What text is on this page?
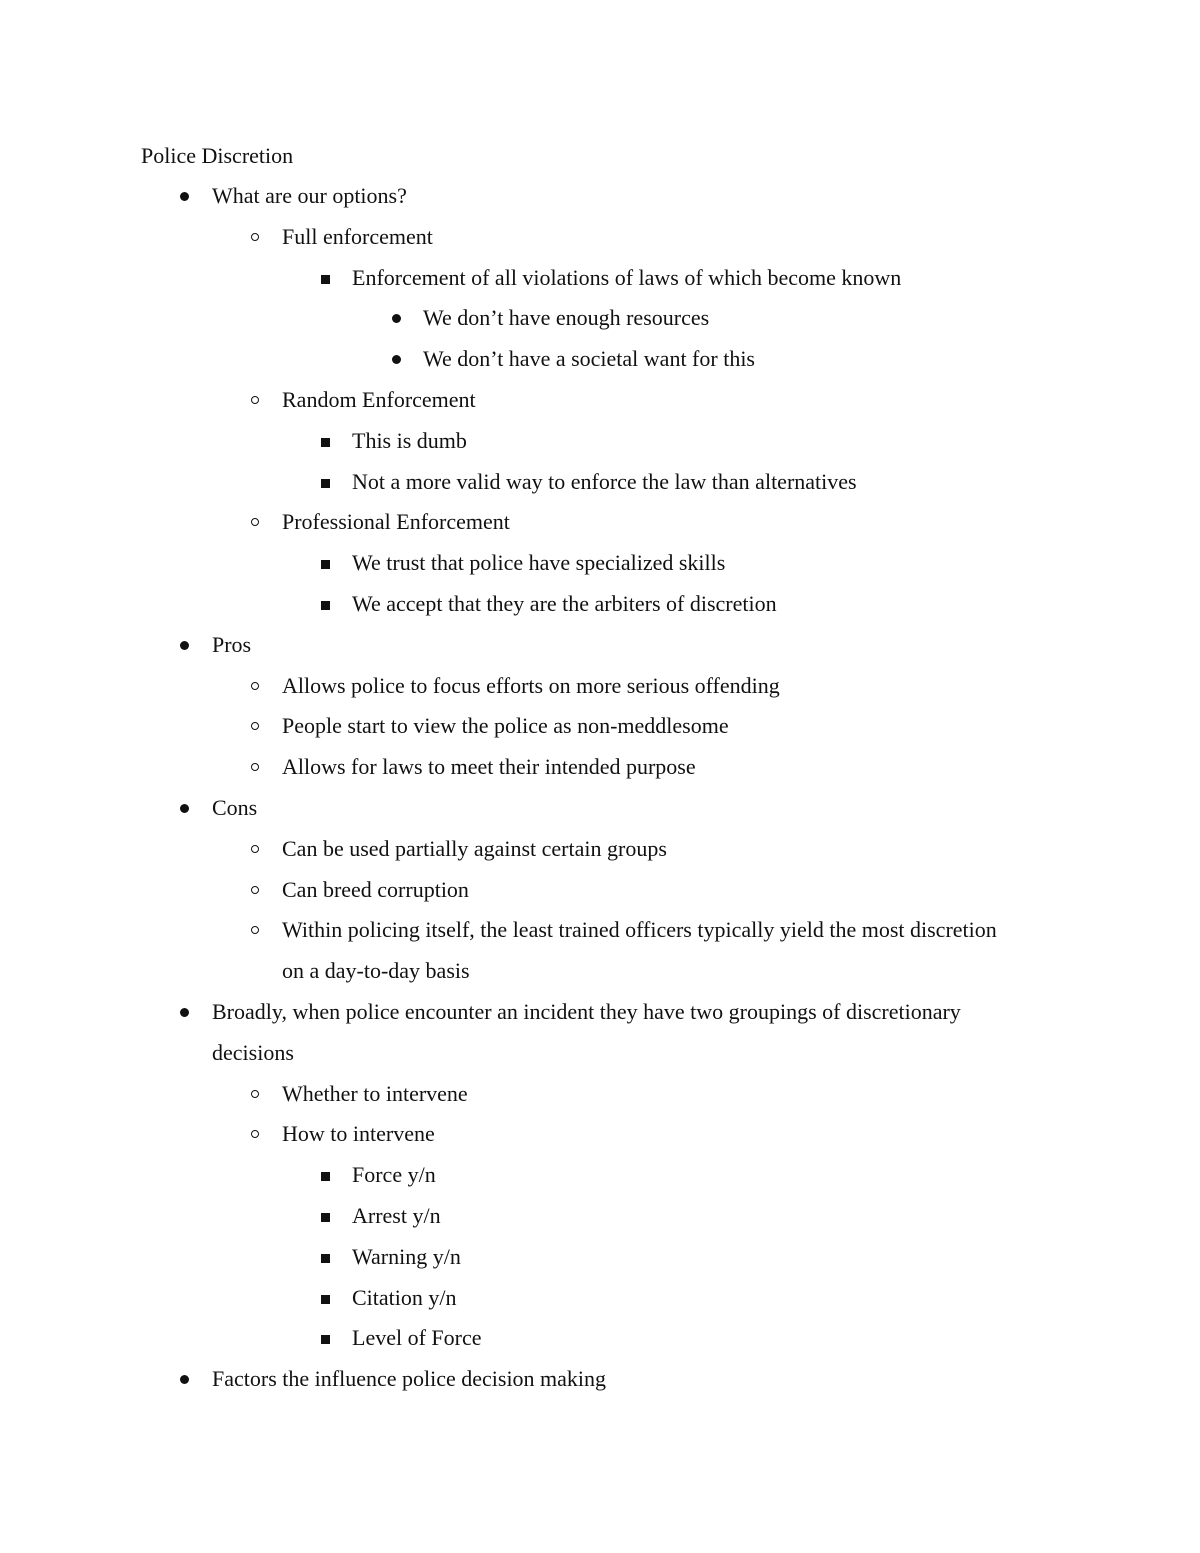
Police Discretion
What are our options?
Full enforcement
Enforcement of all violations of laws of which become known
We don’t have enough resources
We don’t have a societal want for this
Random Enforcement
This is dumb
Not a more valid way to enforce the law than alternatives
Professional Enforcement
We trust that police have specialized skills
We accept that they are the arbiters of discretion
Pros
Allows police to focus efforts on more serious offending
People start to view the police as non-meddlesome
Allows for laws to meet their intended purpose
Cons
Can be used partially against certain groups
Can breed corruption
Within policing itself, the least trained officers typically yield the most discretion
on a day-to-day basis
Broadly, when police encounter an incident they have two groupings of discretionary
decisions
Whether to intervene
How to intervene
Force y/n
Arrest y/n
Warning y/n
Citation y/n
Level of Force
Factors the influence police decision making
